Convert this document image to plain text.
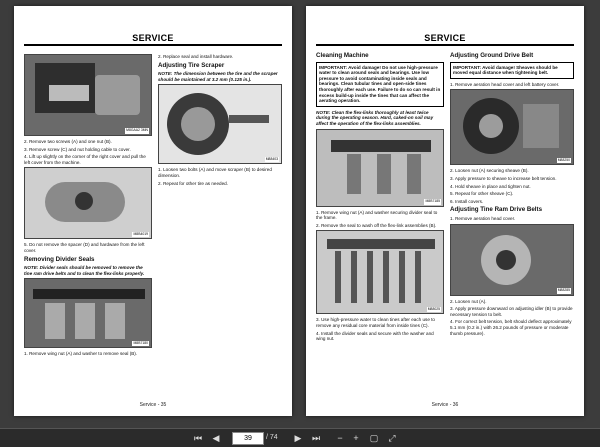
SERVICE
M8GAA2 3MN

2. Remove two screws (A) and one nut (B).

3. Remove screw (C) and nut holding cable to cover.

4. Lift up slightly on the corner of the right cover and pull the left cover from the machine.

M8B4019

5. Do not remove the spacer (D) and hardware from the left cover.

Removing Divider Seals

NOTE: Divider seals should be removed to remove the tine ram drive belts and to clean the flex-links properly.

M8B7180

1. Remove wing nut (A) and washer to remove seal (B).

2. Replace seal and install hardware.

Adjusting Tire Scraper

NOTE: The dimension between the tire and the scraper should be maintained at 3.2 mm (0.125 in.).

M88403

1. Loosen two bolts (A) and move scraper (B) to desired dimension.

2. Repeat for other tire as needed.

Service - 35
SERVICE
Cleaning Machine
IMPORTANT: Avoid damage! Do not use high-pressure water to clean around seals and bearings. Use low pressure to avoid contaminating inside seals and bearings. Clean tubular tines and open-side tines thoroughly after each use. Failure to do so can result in excess build-up inside the tines that can affect the aerating operation.

NOTE: Clean the flex-links thoroughly at least twice during the operating season. Hard, caked-on soil may affect the operation of the flex-links assemblies.

M8B7185

1. Remove wing nut (A) and washer securing divider seal to the frame.

2. Remove the seal to wash off the flex-link assemblies (B).

M88025

3. Use high-pressure water to clean tines after each use to remove any residual core material from inside tines (C).

4. Install the divider seals and secure with the washer and wing nut.

Adjusting Ground Drive Belt
IMPORTANT: Avoid damage! Sheaves should be moved equal distance when tightening belt.

1. Remove aeration head cover and left battery cover.

M88250

2. Loosen nut (A) securing sheave (B).

3. Apply pressure to sheave to increase belt tension.

4. Hold sheave in place and tighten nut.

5. Repeat for other sheave (C).

6. Install covers.

Adjusting Tine Ram Drive Belts

1. Remove aeration head cover.

M88285

2. Loosen nut (A).

3. Apply pressure downward on adjusting idler (B) to provide necessary tension to belt.

4. For correct belt tension, belt should deflect approximately 5.1 mm (0.2 in.) with 26.2 pounds of pressure or moderate thumb pressure).

Service - 36
⏮ ◀	39	/ 74 ▶ ⏭	−	+	▢ ⤢
